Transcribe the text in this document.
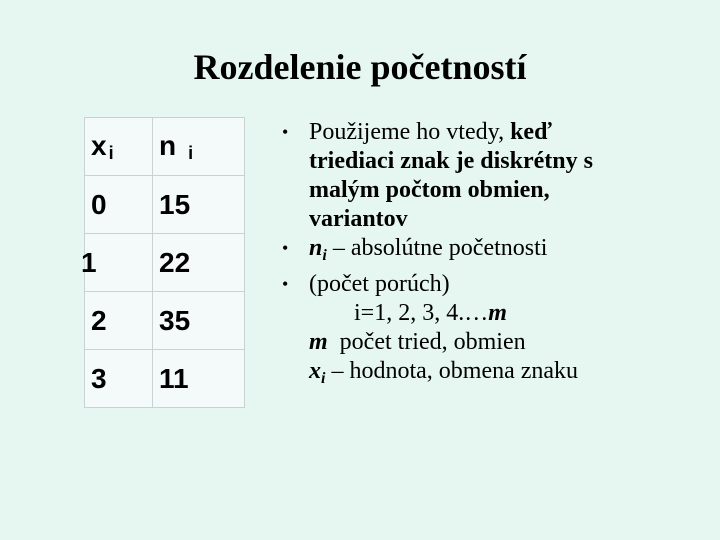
Rozdelenie početností
x i	n i
0	15
1	22
2	35
3	11
• Použijeme ho vtedy, keď
triediaci znak je diskrétny s
malým počtom obmien,
variantov
• $n_i$ – absolútne početnosti
• (počet porúch)
i=1, 2, 3, 4.…m
m  počet tried, obmien
$x_i$ – hodnota, obmena znaku
